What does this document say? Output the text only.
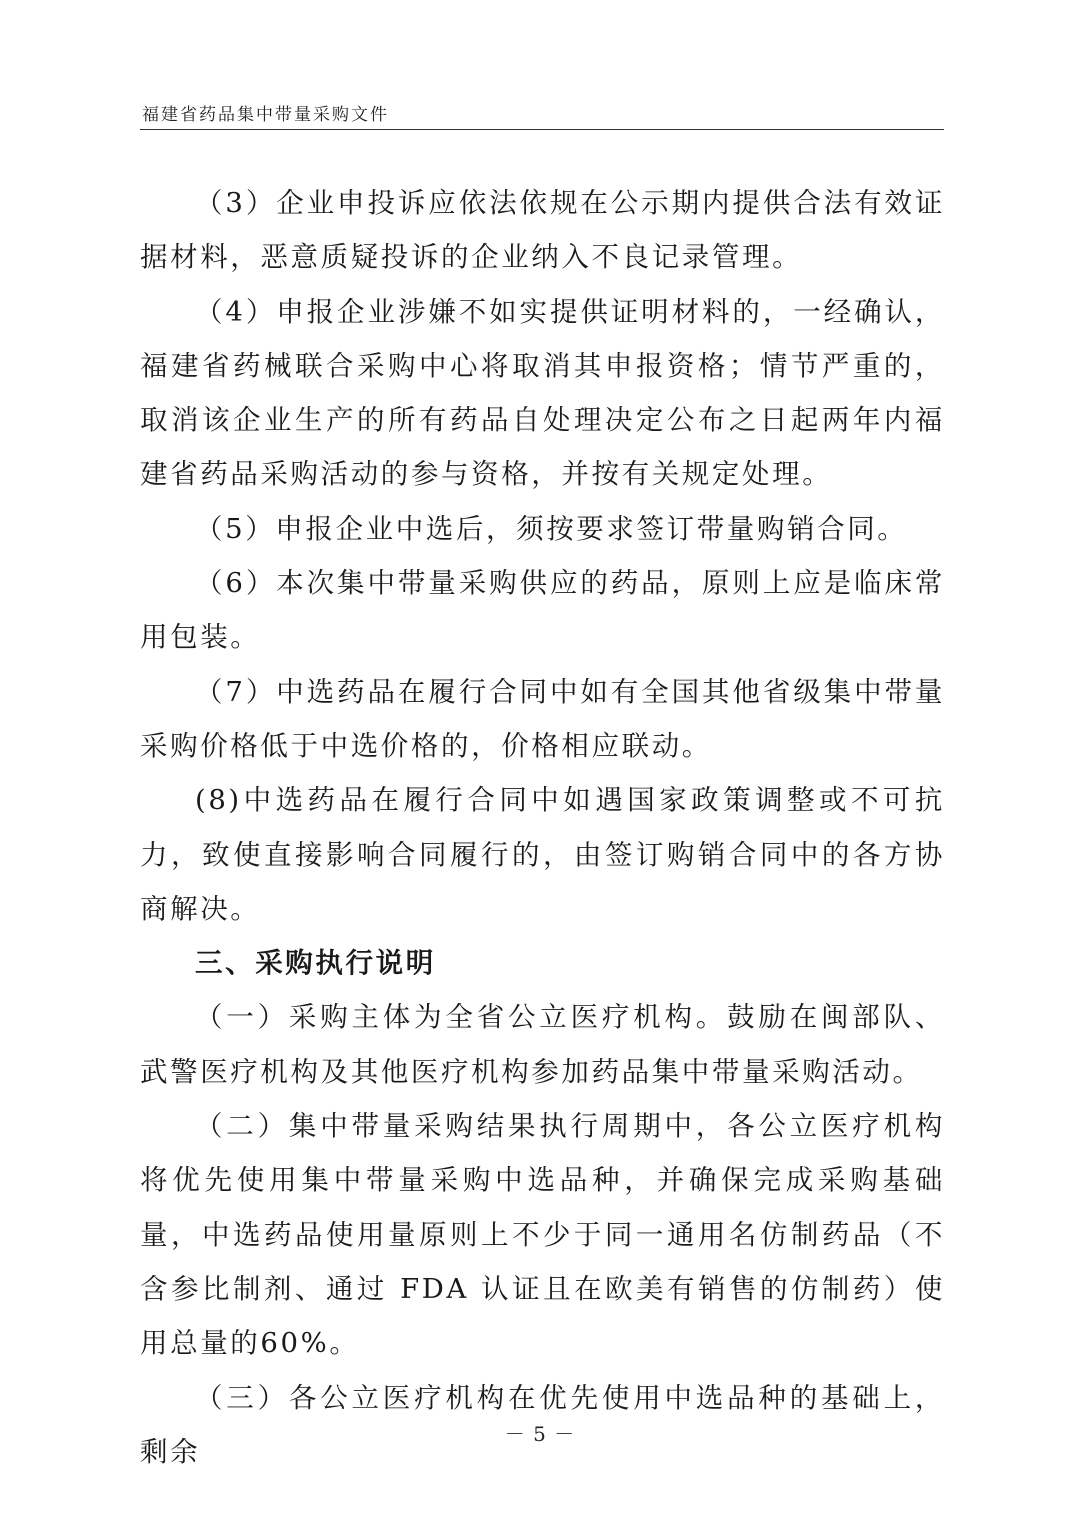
福建省药品集中带量采购文件

（3）企业申投诉应依法依规在公示期内提供合法有效证据材料，恶意质疑投诉的企业纳入不良记录管理。

（4）申报企业涉嫌不如实提供证明材料的，一经确认，福建省药械联合采购中心将取消其申报资格；情节严重的，取消该企业生产的所有药品自处理决定公布之日起两年内福建省药品采购活动的参与资格，并按有关规定处理。

（5）申报企业中选后，须按要求签订带量购销合同。

（6）本次集中带量采购供应的药品，原则上应是临床常用包装。

（7）中选药品在履行合同中如有全国其他省级集中带量采购价格低于中选价格的，价格相应联动。

(8)中选药品在履行合同中如遇国家政策调整或不可抗力，致使直接影响合同履行的，由签订购销合同中的各方协商解决。

三、采购执行说明

（一）采购主体为全省公立医疗机构。鼓励在闽部队、武警医疗机构及其他医疗机构参加药品集中带量采购活动。

（二）集中带量采购结果执行周期中，各公立医疗机构将优先使用集中带量采购中选品种，并确保完成采购基础量，中选药品使用量原则上不少于同一通用名仿制药品（不含参比制剂、通过 FDA 认证且在欧美有销售的仿制药）使用总量的60%。

（三）各公立医疗机构在优先使用中选品种的基础上，剩余

－ 5 －
